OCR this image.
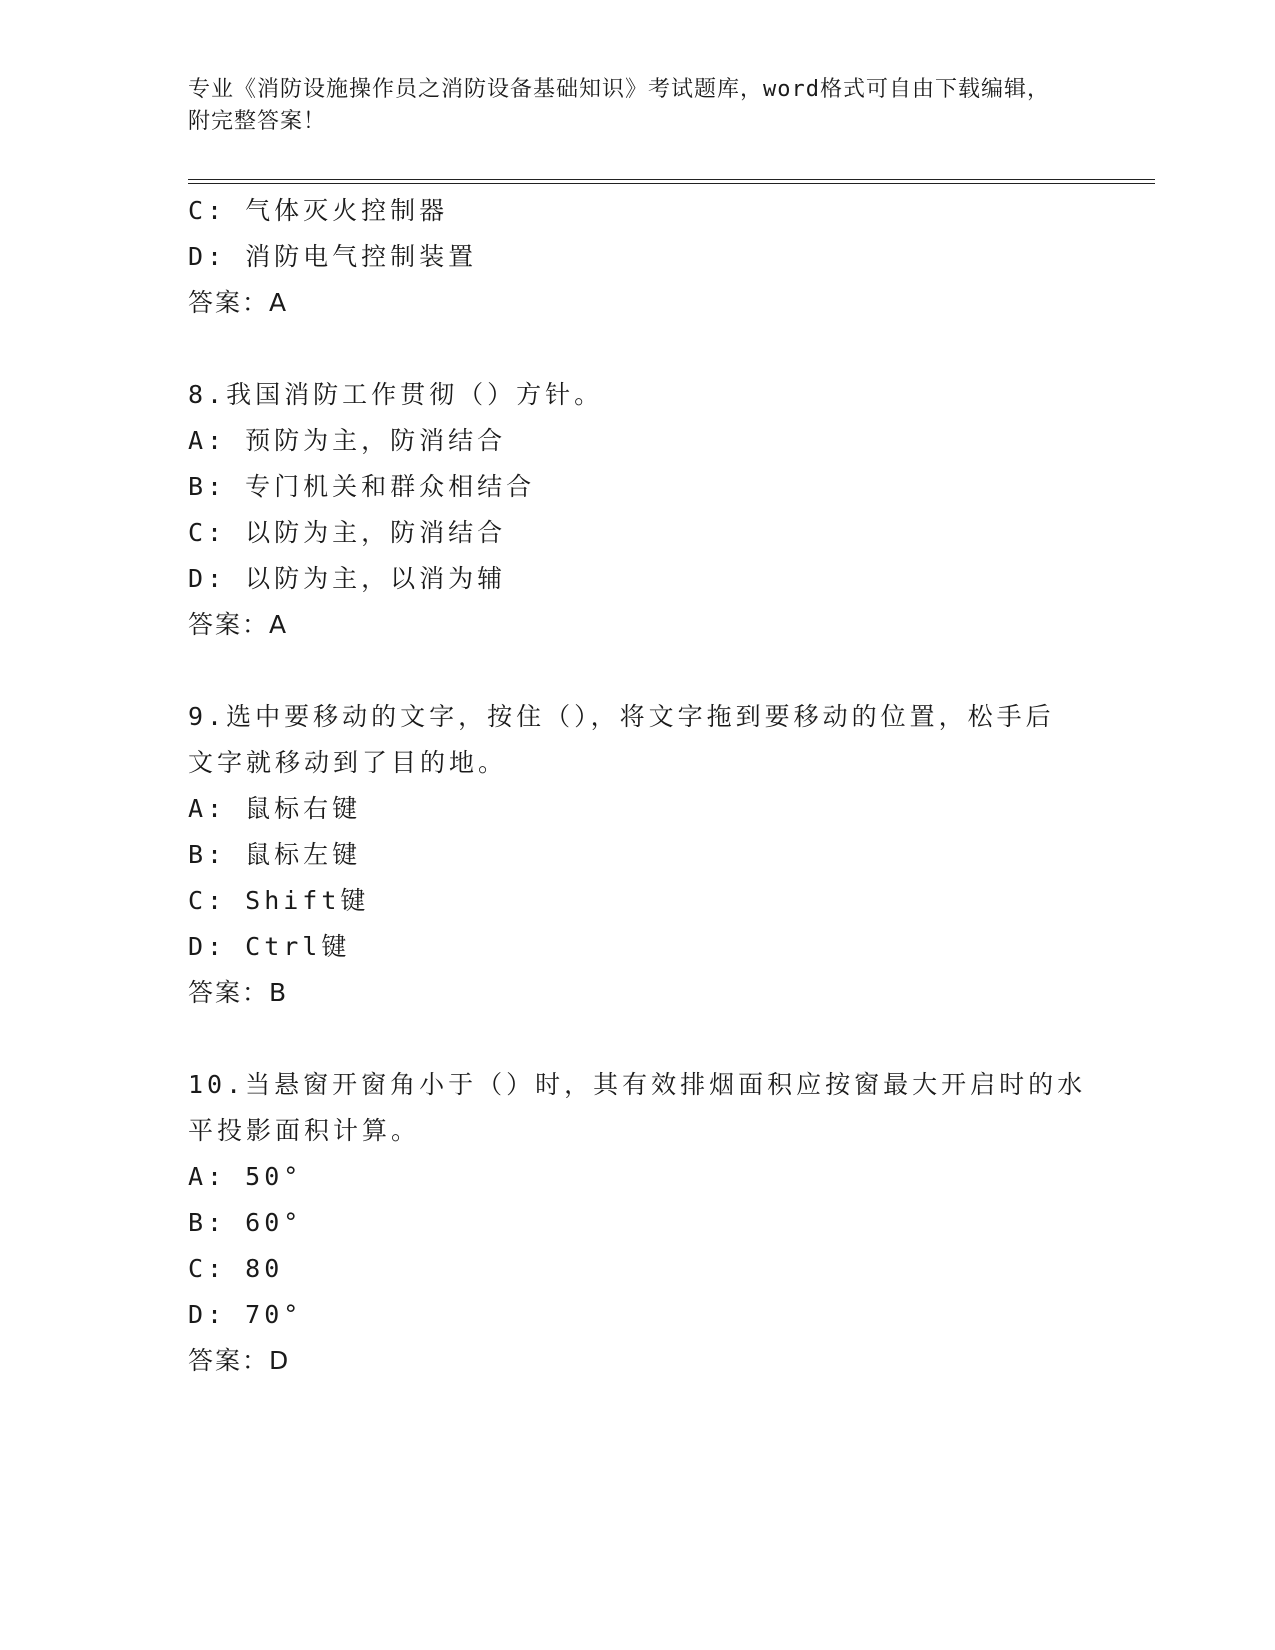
专业《消防设施操作员之消防设备基础知识》考试题库，word格式可自由下载编辑，附完整答案！
C: 气体灭火控制器
D: 消防电气控制装置
答案：A
8.我国消防工作贯彻（）方针。
A: 预防为主，防消结合
B: 专门机关和群众相结合
C: 以防为主，防消结合
D: 以防为主，以消为辅
答案：A
9.选中要移动的文字，按住（），将文字拖到要移动的位置，松手后
文字就移动到了目的地。
A: 鼠标右键
B: 鼠标左键
C: Shift键
D: Ctrl键
答案：B
10.当悬窗开窗角小于（）时，其有效排烟面积应按窗最大开启时的水
平投影面积计算。
A: 50°
B: 60°
C: 80
D: 70°
答案：D
